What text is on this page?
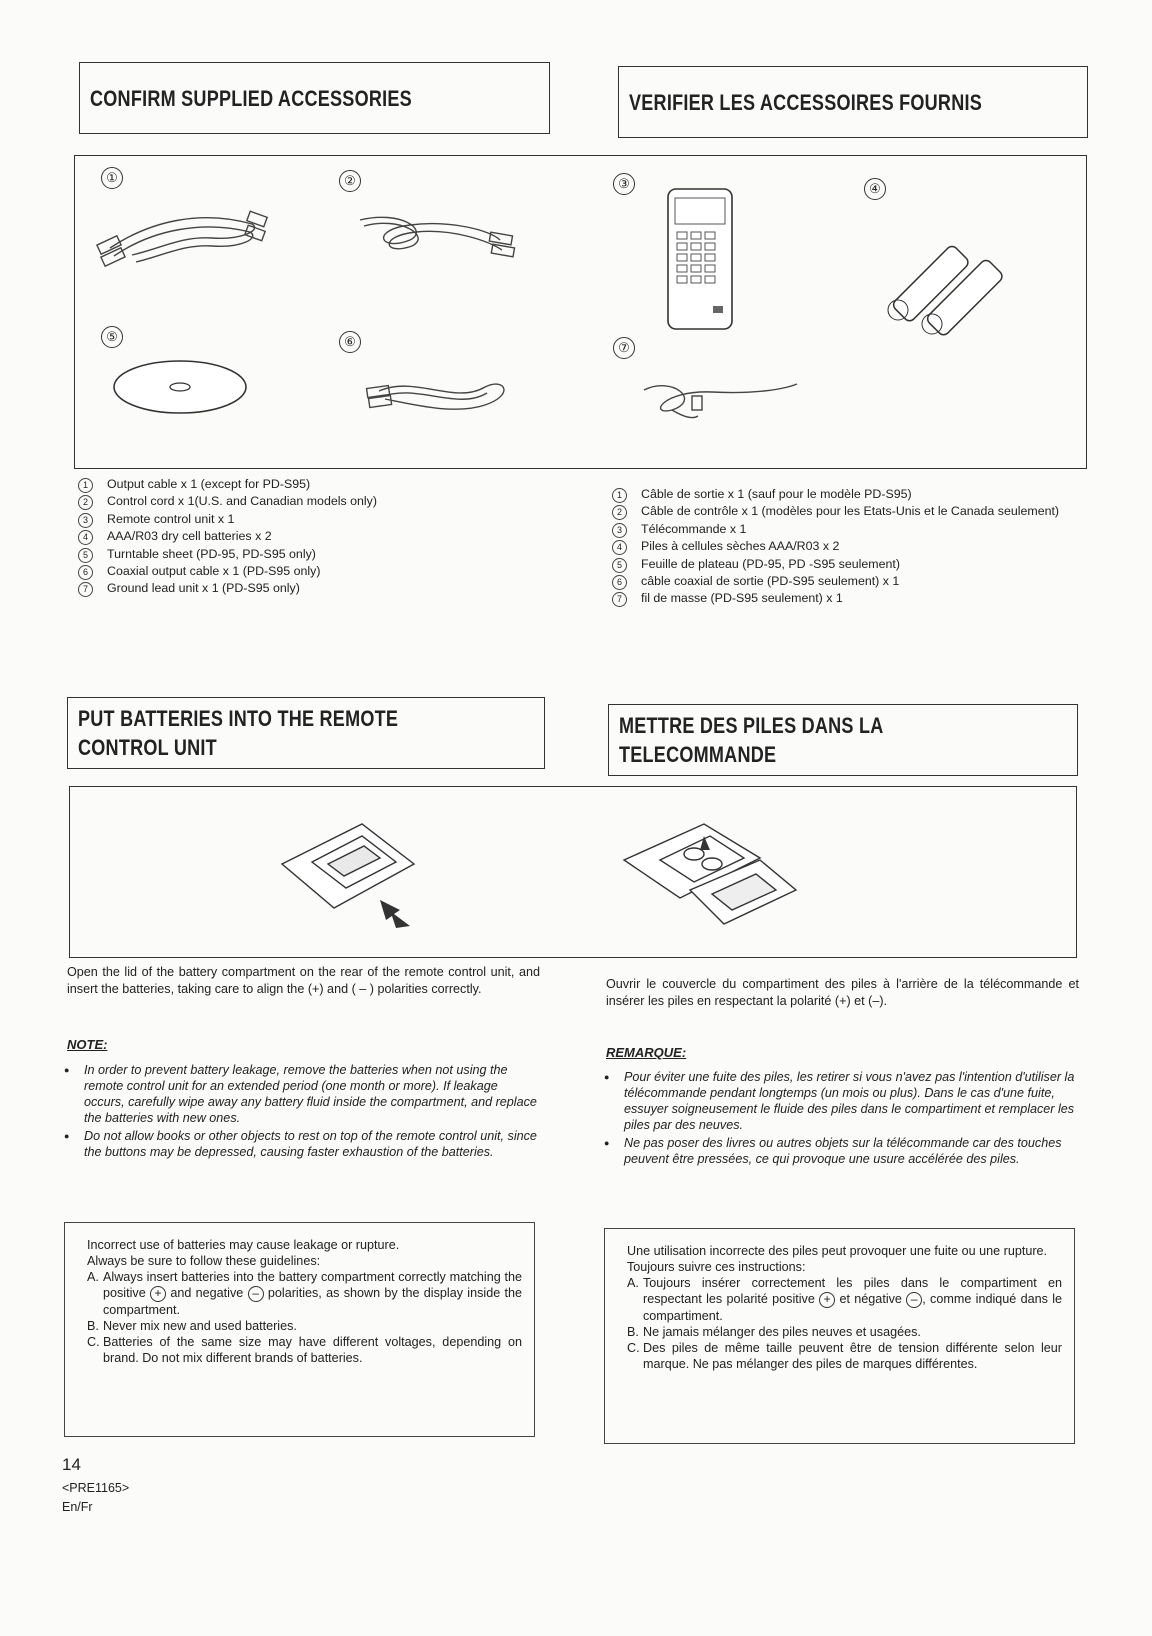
CONFIRM SUPPLIED ACCESSORIES	VERIFIER LES ACCESSOIRES FOURNIS
①	②	③	④
⑤	⑥	⑦
1	Output cable x 1 (except for PD-S95)
2	Control cord x 1(U.S. and Canadian models only)
3	Remote control unit x 1
4	AAA/R03 dry cell batteries x 2
5	Turntable sheet (PD-95, PD-S95 only)
6	Coaxial output cable x 1 (PD-S95 only)
7	Ground lead unit x 1 (PD-S95 only)
1	Câble de sortie x 1 (sauf pour le modèle PD-S95)
2	Câble de contrôle x 1 (modèles pour les Etats-Unis et le Canada seulement)
3	Télécommande x 1
4	Piles à cellules sèches AAA/R03 x 2
5	Feuille de plateau (PD-95, PD -S95 seulement)
6	câble coaxial de sortie (PD-S95 seulement) x 1
7	fil de masse (PD-S95 seulement) x 1
PUT BATTERIES INTO THE REMOTE
CONTROL UNIT
METTRE DES PILES DANS LA
TELECOMMANDE

Open the lid of the battery compartment on the rear of the remote control unit, and insert the batteries, taking care to align the (+) and ( – ) polarities correctly.	Ouvrir le couvercle du compartiment des piles à l'arrière de la télécommande et insérer les piles en respectant la polarité (+) et (–).

NOTE:
● In order to prevent battery leakage, remove the batteries when not using the remote control unit for an extended period (one month or more). If leakage occurs, carefully wipe away any battery fluid inside the compartment, and replace the batteries with new ones.
● Do not allow books or other objects to rest on top of the remote control unit, since the buttons may be depressed, causing faster exhaustion of the batteries.
REMARQUE:
● Pour éviter une fuite des piles, les retirer si vous n'avez pas l'intention d'utiliser la télécommande pendant longtemps (un mois ou plus). Dans le cas d'une fuite, essuyer soigneusement le fluide des piles dans le compartiment et remplacer les piles par des neuves.
● Ne pas poser des livres ou autres objets sur la télécommande car des touches peuvent être pressées, ce qui provoque une usure accélérée des piles.

Incorrect use of batteries may cause leakage or rupture.

Always be sure to follow these guidelines:

A. Always insert batteries into the battery compartment correctly matching the positive + and negative – polarities, as shown by the display inside the compartment.
B. Never mix new and used batteries.
C. Batteries of the same size may have different voltages, depending on brand. Do not mix different brands of batteries.

Une utilisation incorrecte des piles peut provoquer une fuite ou une rupture.

Toujours suivre ces instructions:

A. Toujours insérer correctement les piles dans le compartiment en respectant les polarité positive + et négative – , comme indiqué dans le compartiment.
B. Ne jamais mélanger des piles neuves et usagées.
C. Des piles de même taille peuvent être de tension différente selon leur marque. Ne pas mélanger des piles de marques différentes.
14
<PRE1165>
En/Fr
